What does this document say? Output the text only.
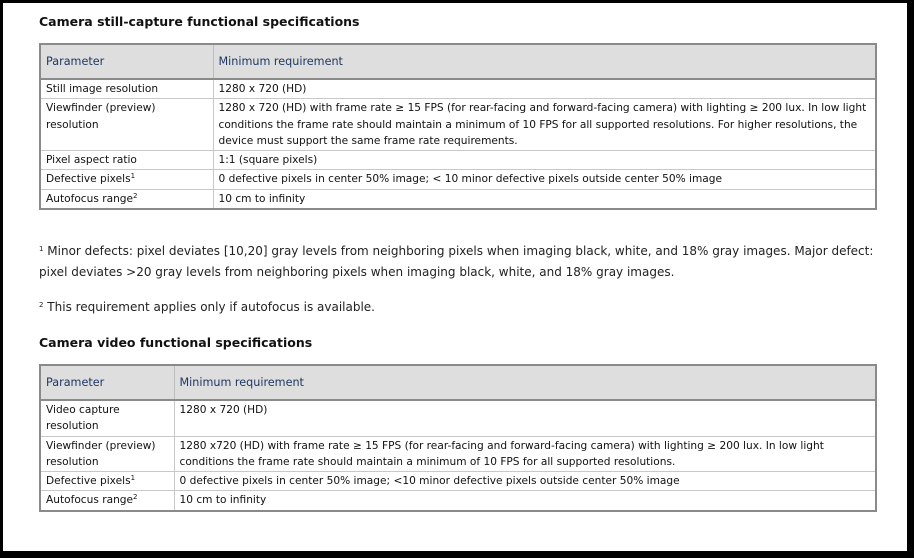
Camera still-capture functional specifications
Parameter	Minimum requirement
Still image resolution	1280 x 720 (HD)
Viewfinder (preview) resolution	1280 x 720 (HD) with frame rate ≥ 15 FPS (for rear-facing and forward-facing camera) with lighting ≥ 200 lux. In low light conditions the frame rate should maintain a minimum of 10 FPS for all supported resolutions. For higher resolutions, the device must support the same frame rate requirements.
Pixel aspect ratio	1:1 (square pixels)
Defective pixels$^1$	0 defective pixels in center 50% image; < 10 minor defective pixels outside center 50% image
Autofocus range$^2$	10 cm to infinity

$^1$ Minor defects: pixel deviates [10,20] gray levels from neighboring pixels when imaging black, white, and 18% gray images. Major defect: pixel deviates >20 gray levels from neighboring pixels when imaging black, white, and 18% gray images.

$^2$ This requirement applies only if autofocus is available.

Camera video functional specifications
Parameter	Minimum requirement
Video capture resolution	1280 x 720 (HD)
Viewfinder (preview) resolution	1280 x720 (HD) with frame rate ≥ 15 FPS (for rear-facing and forward-facing camera) with lighting ≥ 200 lux. In low light conditions the frame rate should maintain a minimum of 10 FPS for all supported resolutions.
Defective pixels$^1$	0 defective pixels in center 50% image; <10 minor defective pixels outside center 50% image
Autofocus range$^2$	10 cm to infinity
